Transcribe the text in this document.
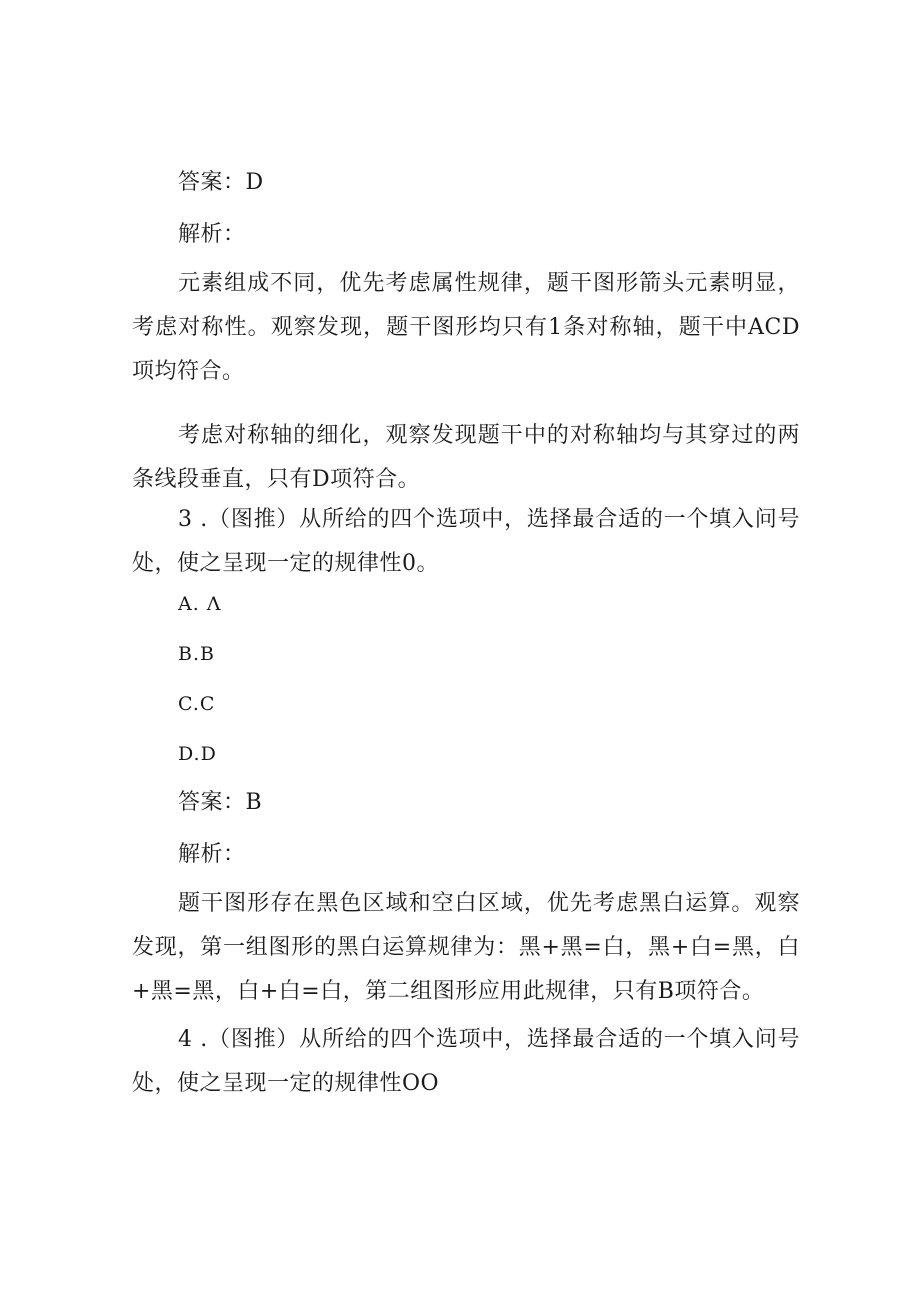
答案：D
解析：
元素组成不同，优先考虑属性规律，题干图形箭头元素明显，考虑对称性。观察发现，题干图形均只有1条对称轴，题干中ACD项均符合。
考虑对称轴的细化，观察发现题干中的对称轴均与其穿过的两条线段垂直，只有D项符合。
3 .（图推）从所给的四个选项中，选择最合适的一个填入问号处，使之呈现一定的规律性0。
A. Λ
B.B
C.C
D.D
答案：B
解析：
题干图形存在黑色区域和空白区域，优先考虑黑白运算。观察发现，第一组图形的黑白运算规律为：黑+黑=白，黑+白=黑，白+黑=黑，白+白=白，第二组图形应用此规律，只有B项符合。
4 .（图推）从所给的四个选项中，选择最合适的一个填入问号处，使之呈现一定的规律性OO
